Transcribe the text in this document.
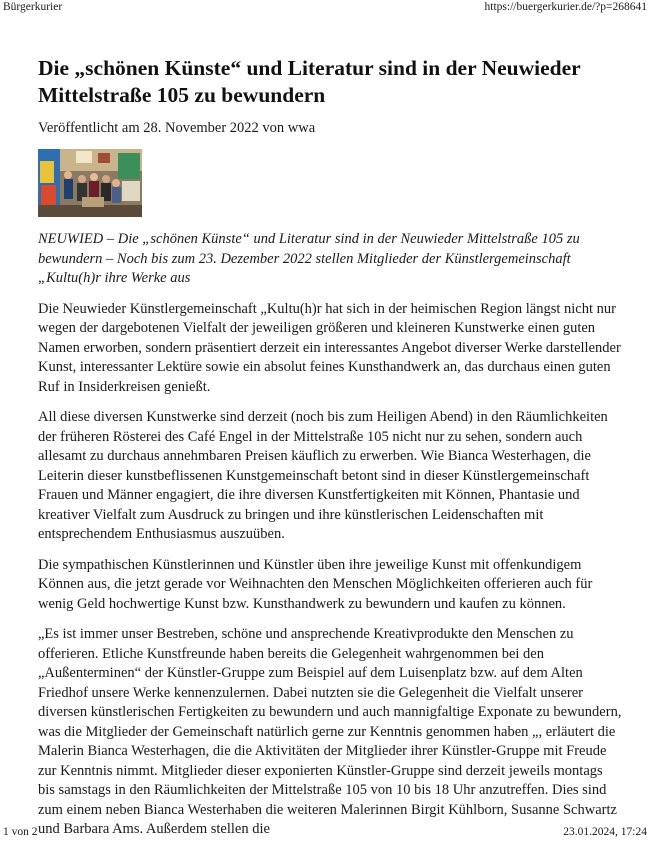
Bürgerkurier	https://buergerkurier.de/?p=268641
Die „schönen Künste“ und Literatur sind in der Neuwieder Mittelstraße 105 zu bewundern
Veröffentlicht am 28. November 2022 von wwa

NEUWIED – Die „schönen Künste“ und Literatur sind in der Neuwieder Mittelstraße 105 zu bewundern – Noch bis zum 23. Dezember 2022 stellen Mitglieder der Künstlergemeinschaft „Kultu(h)r ihre Werke aus

Die Neuwieder Künstlergemeinschaft „Kultu(h)r hat sich in der heimischen Region längst nicht nur wegen der dargebotenen Vielfalt der jeweiligen größeren und kleineren Kunstwerke einen guten Namen erworben, sondern präsentiert derzeit ein interessantes Angebot diverser Werke darstellender Kunst, interessanter Lektüre sowie ein absolut feines Kunsthandwerk an, das durchaus einen guten Ruf in Insiderkreisen genießt.

All diese diversen Kunstwerke sind derzeit (noch bis zum Heiligen Abend) in den Räumlichkeiten der früheren Rösterei des Café Engel in der Mittelstraße 105 nicht nur zu sehen, sondern auch allesamt zu durchaus annehmbaren Preisen käuflich zu erwerben. Wie Bianca Westerhagen, die Leiterin dieser kunstbeflissenen Kunstgemeinschaft betont sind in dieser Künstlergemeinschaft Frauen und Männer engagiert, die ihre diversen Kunstfertigkeiten mit Können, Phantasie und kreativer Vielfalt zum Ausdruck zu bringen und ihre künstlerischen Leidenschaften mit entsprechendem Enthusiasmus auszuüben.

Die sympathischen Künstlerinnen und Künstler üben ihre jeweilige Kunst mit offenkundigem Können aus, die jetzt gerade vor Weihnachten den Menschen Möglichkeiten offerieren auch für wenig Geld hochwertige Kunst bzw. Kunsthandwerk zu bewundern und kaufen zu können.

„Es ist immer unser Bestreben, schöne und ansprechende Kreativprodukte den Menschen zu offerieren. Etliche Kunstfreunde haben bereits die Gelegenheit wahrgenommen bei den „Außenterminen“ der Künstler-Gruppe zum Beispiel auf dem Luisenplatz bzw. auf dem Alten Friedhof unsere Werke kennenzulernen. Dabei nutzten sie die Gelegenheit die Vielfalt unserer diversen künstlerischen Fertigkeiten zu bewundern und auch mannigfaltige Exponate zu bewundern, was die Mitglieder der Gemeinschaft natürlich gerne zur Kenntnis genommen haben „, erläutert die Malerin Bianca Westerhagen, die die Aktivitäten der Mitglieder ihrer Künstler-Gruppe mit Freude zur Kenntnis nimmt. Mitglieder dieser exponierten Künstler-Gruppe sind derzeit jeweils montags bis samstags in den Räumlichkeiten der Mittelstraße 105 von 10 bis 18 Uhr anzutreffen. Dies sind zum einem neben Bianca Westerhaben die weiteren Malerinnen Birgit Kühlborn, Susanne Schwartz und Barbara Ams. Außerdem stellen die

1 von 2	23.01.2024, 17:24
